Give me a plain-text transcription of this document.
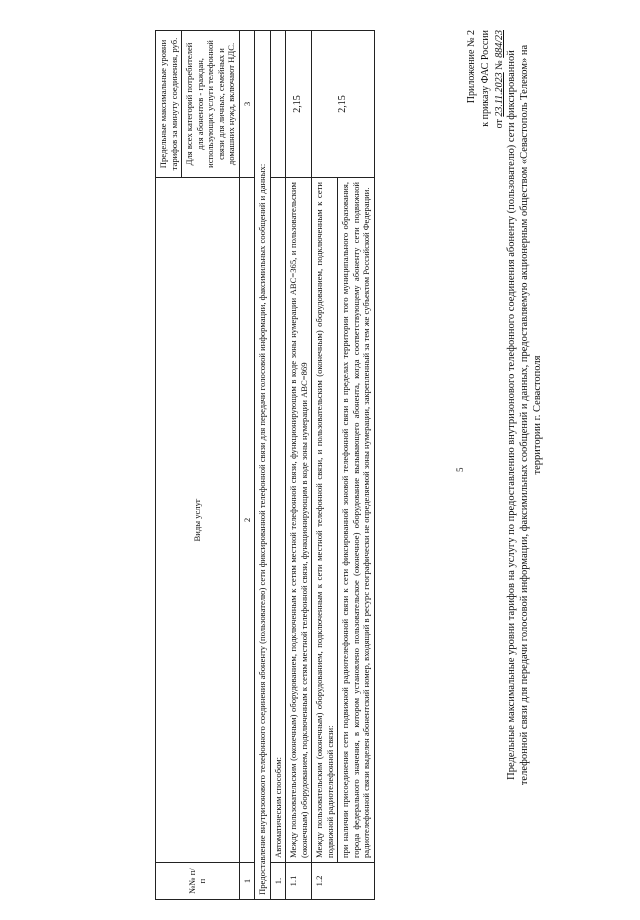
5
Приложение № 2 к приказу ФАС России от 23.11.2023 № 884/23
Предельные максимальные уровни тарифов на услугу по предоставлению внутризонового телефонного соединения абоненту (пользователю) сети фиксированной телефонной связи для передачи голосовой информации, факсимильных сообщений и данных, предоставляемую акционерным обществом «Севастополь Телеком» на территории г. Севастополя
№№ п/п	Виды услуг	Предельные максимальные уровни тарифов за минуту соединения, руб.

		Для всех категорий потребителей для абонентов - граждан, использующих услуги телефонной связи для личных, семейных и домашних нужд, включают НДС.

1	2	3
Предоставление внутризонового телефонного соединения абоненту (пользователю) сети фиксированной телефонной связи для передачи голосовой информации, факсимильных сообщений и данных:		
1.	Автоматическим способом:	
1.1	Между пользовательским (оконечным) оборудованием, подключенным к сетям местной телефонной связи, функционирующим в коде зоны нумерации ABC=365, и пользовательским (оконечным) оборудованием, подключенным к сетям местной телефонной связи, функционирующим в коде зоны нумерации ABC=869	2,15
1.2	Между пользовательским (оконечным) оборудованием, подключенным к сети местной телефонной связи, и пользовательским (оконечным) оборудованием, подключенным к сети подвижной радиотелефонной связи:	2,15
	при наличии присоединения сети подвижной радиотелефонной связи к сети фиксированной зоновой телефонной связи в пределах территории того муниципального образования, города федерального значения, в котором установлено пользовательское (оконечное) оборудование вызывающего абонента, когда соответствующему абоненту сети подвижной радиотелефонной связи выделен абонентский номер, входящий в ресурс географически не определяемой зоны нумерации, закрепленный за тем же субъектом Российской Федерации.	
